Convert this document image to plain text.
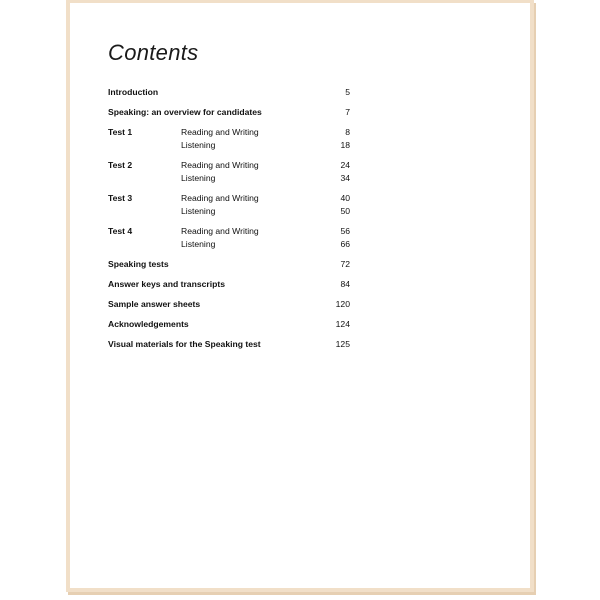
Contents
Introduction	5
Speaking: an overview for candidates	7
Test 1	Reading and Writing	8
Listening	18
Test 2	Reading and Writing	24
Listening	34
Test 3	Reading and Writing	40
Listening	50
Test 4	Reading and Writing	56
Listening	66
Speaking tests	72
Answer keys and transcripts	84
Sample answer sheets	120
Acknowledgements	124
Visual materials for the Speaking test	125
